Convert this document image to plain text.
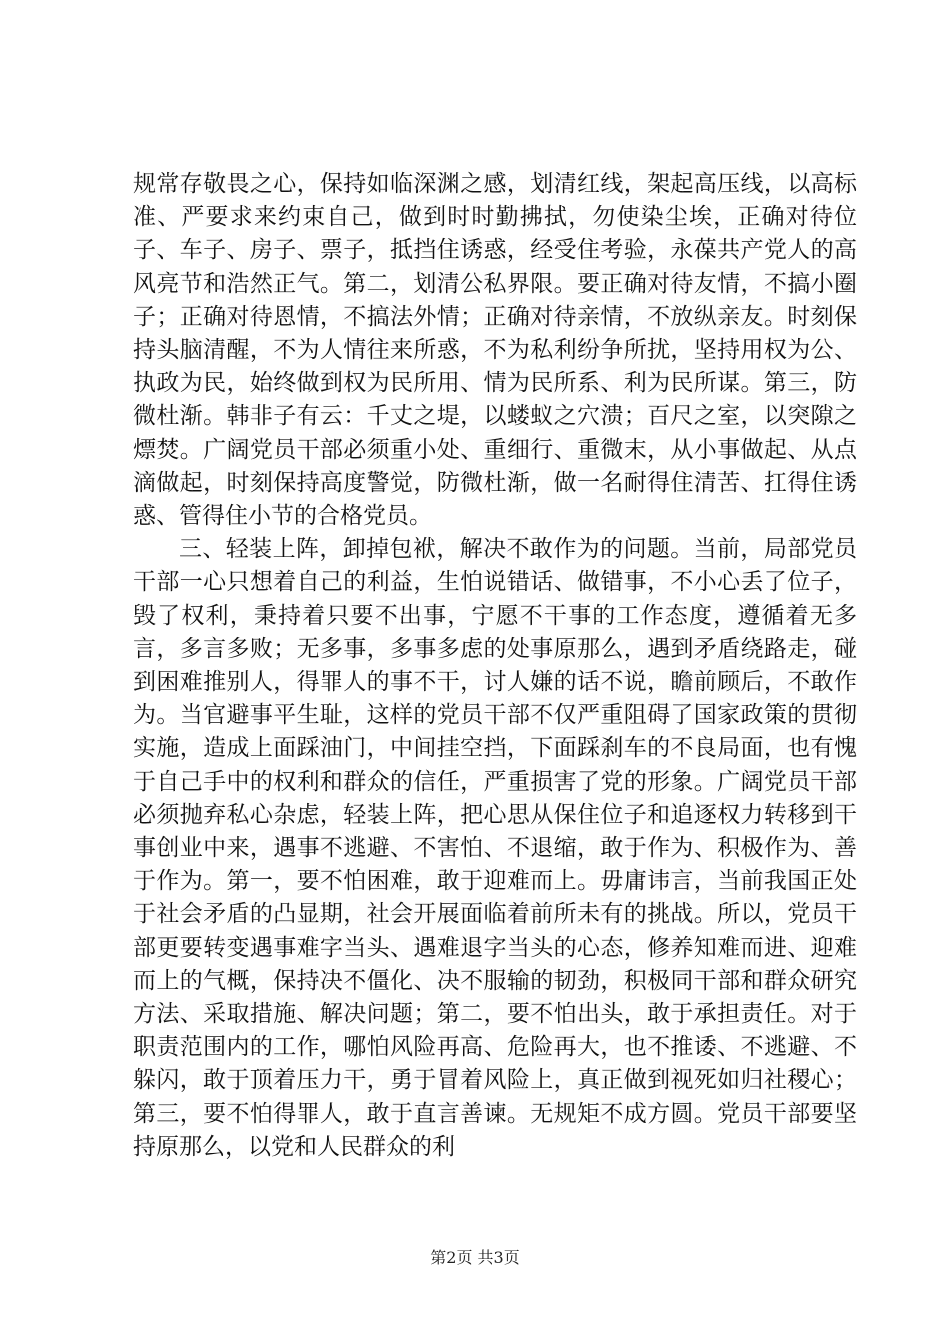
规常存敬畏之心，保持如临深渊之感，划清红线，架起高压线，以高标准、严要求来约束自己，做到时时勤拂拭，勿使染尘埃，正确对待位子、车子、房子、票子，抵挡住诱惑，经受住考验，永葆共产党人的高风亮节和浩然正气。第二，划清公私界限。要正确对待友情，不搞小圈子；正确对待恩情，不搞法外情；正确对待亲情，不放纵亲友。时刻保持头脑清醒，不为人情往来所惑，不为私利纷争所扰，坚持用权为公、执政为民，始终做到权为民所用、情为民所系、利为民所谋。第三，防微杜渐。韩非子有云：千丈之堤，以蝼蚁之穴溃；百尺之室，以突隙之熛焚。广阔党员干部必须重小处、重细行、重微末，从小事做起、从点滴做起，时刻保持高度警觉，防微杜渐，做一名耐得住清苦、扛得住诱惑、管得住小节的合格党员。

三、轻装上阵，卸掉包袱，解决不敢作为的问题。当前，局部党员干部一心只想着自己的利益，生怕说错话、做错事，不小心丢了位子，毁了权利，秉持着只要不出事，宁愿不干事的工作态度，遵循着无多言，多言多败；无多事，多事多虑的处事原那么，遇到矛盾绕路走，碰到困难推别人，得罪人的事不干，讨人嫌的话不说，瞻前顾后，不敢作为。当官避事平生耻，这样的党员干部不仅严重阻碍了国家政策的贯彻实施，造成上面踩油门，中间挂空挡，下面踩刹车的不良局面，也有愧于自己手中的权利和群众的信任，严重损害了党的形象。广阔党员干部必须抛弃私心杂虑，轻装上阵，把心思从保住位子和追逐权力转移到干事创业中来，遇事不逃避、不害怕、不退缩，敢于作为、积极作为、善于作为。第一，要不怕困难，敢于迎难而上。毋庸讳言，当前我国正处于社会矛盾的凸显期，社会开展面临着前所未有的挑战。所以，党员干部更要转变遇事难字当头、遇难退字当头的心态，修养知难而进、迎难而上的气概，保持决不僵化、决不服输的韧劲，积极同干部和群众研究方法、采取措施、解决问题；第二，要不怕出头，敢于承担责任。对于职责范围内的工作，哪怕风险再高、危险再大，也不推诿、不逃避、不躲闪，敢于顶着压力干，勇于冒着风险上，真正做到视死如归社稷心；第三，要不怕得罪人，敢于直言善谏。无规矩不成方圆。党员干部要坚持原那么，以党和人民群众的利

第2页 共3页
